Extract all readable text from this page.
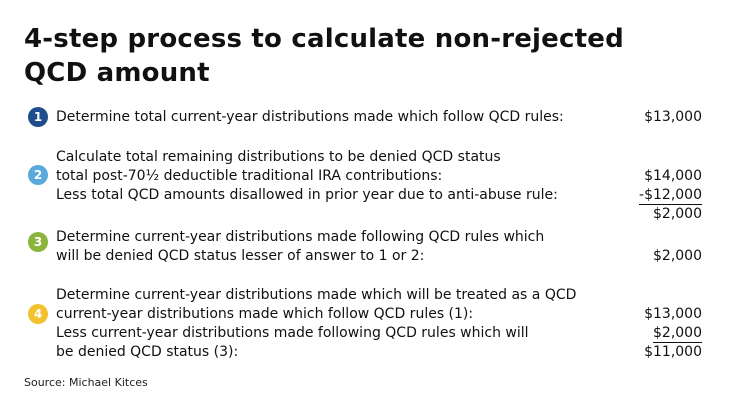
4-step process to calculate non-rejected
QCD amount
1 Determine total current-year distributions made which follow QCD rules:	$13,000
2
Calculate total remaining distributions to be denied QCD status
total post-70½ deductible traditional IRA contributions:
Less total QCD amounts disallowed in prior year due to anti-abuse rule:
$14,000
-$12,000
$2,000
3 Determine current-year distributions made following QCD rules which
will be denied QCD status lesser of answer to 1 or 2:	$2,000
4
Determine current-year distributions made which will be treated as a QCD
current-year distributions made which follow QCD rules (1):
Less current-year distributions made following QCD rules which will
be denied QCD status (3):
$13,000
$2,000
$11,000
Source: Michael Kitces
